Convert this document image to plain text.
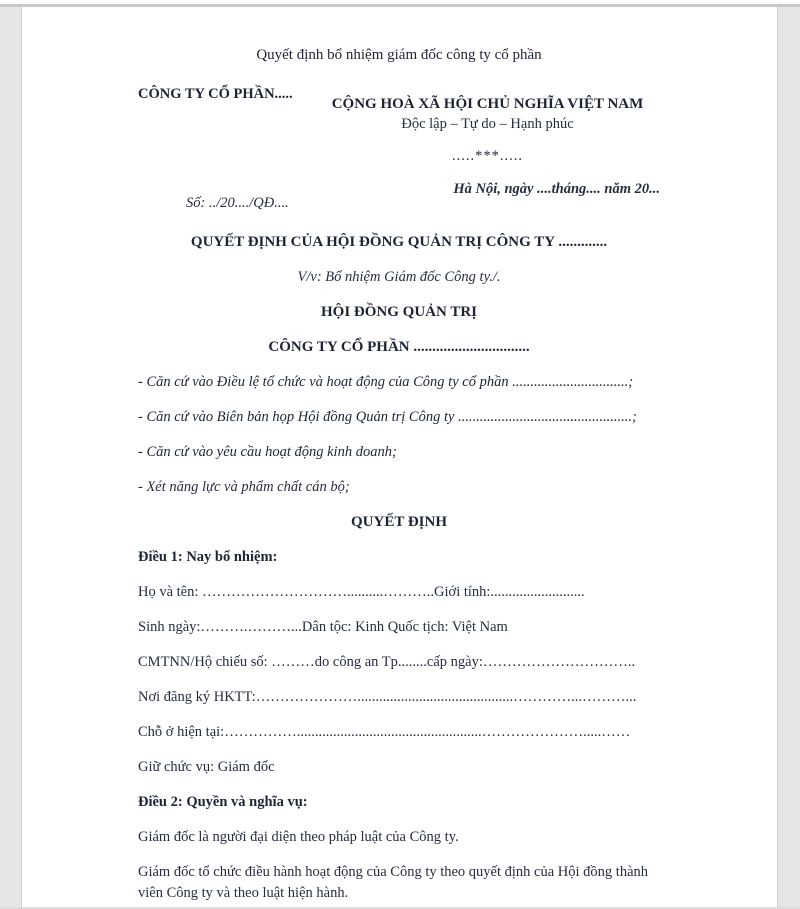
Quyết định bổ nhiệm giám đốc công ty cổ phần
CÔNG TY CỔ PHẦN.....
CỘNG HOÀ XÃ HỘI CHỦ NGHĨA VIỆT NAM
Độc lập – Tự do – Hạnh phúc
.....***.....
Số: ../20..../QĐ....
Hà Nội, ngày ....tháng.... năm 20...
QUYẾT ĐỊNH CỦA HỘI ĐỒNG QUẢN TRỊ CÔNG TY .............

V/v: Bổ nhiệm Giám đốc Công ty./.

HỘI ĐỒNG QUẢN TRỊ
CÔNG TY CỔ PHẦN ...............................

- Căn cứ vào Điều lệ tổ chức và hoạt động của Công ty cổ phần ................................;

- Căn cứ vào Biên bản họp Hội đồng Quản trị Công ty ................................................;

- Căn cứ vào yêu cầu hoạt động kinh doanh;

- Xét năng lực và phẩm chất cán bộ;

QUYẾT ĐỊNH

Điều 1: Nay bổ nhiệm:

Họ và tên: …………………………..........………..Giới tính:..........................

Sinh ngày:……….………...Dân tộc: Kinh Quốc tịch: Việt Nam

CMTNN/Hộ chiếu số: ………do công an Tp........cấp ngày:…………………………..

Nơi đăng ký HKTT:…………………...........................................…………...………...

Chỗ ở hiện tại:……………...................................................………………….....……

Giữ chức vụ: Giám đốc

Điều 2: Quyền và nghĩa vụ:

Giám đốc là người đại diện theo pháp luật của Công ty.

Giám đốc tổ chức điều hành hoạt động của Công ty theo quyết định của Hội đồng thành viên Công ty và theo luật hiện hành.
